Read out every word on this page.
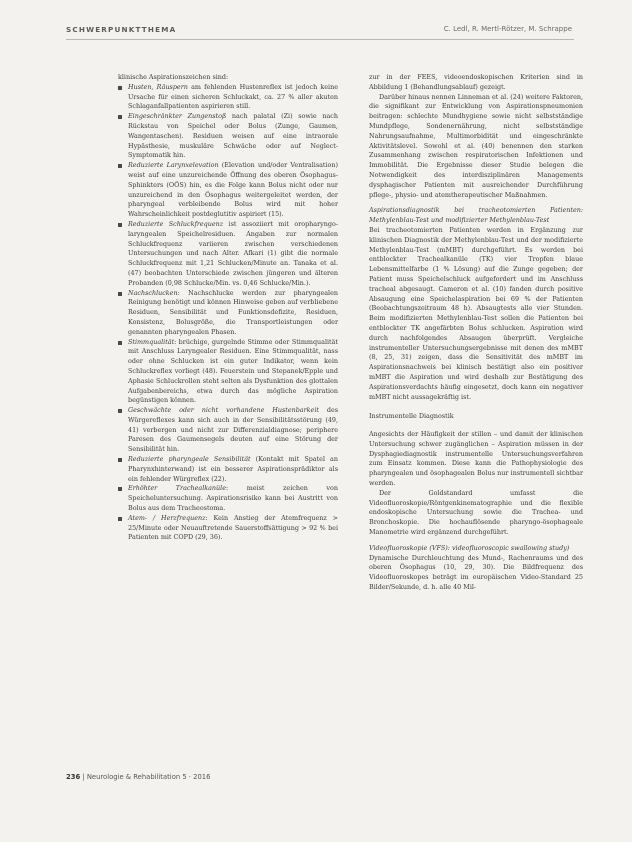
SCHWERPUNKTTHEMA	C. Ledl, R. Mertl-Rötzer, M. Schrappe

klinische Aspirationszeichen sind:

Husten, Räuspern am fehlenden Hustenreflex ist jedoch keine Ursache für einen sicheren Schluckakt, ca. 27 % aller akuten Schlaganfallpatienten aspirieren still.
Eingeschränkter Zungenstoß nach palatal (Zi) sowie nach Rückstau von Speichel oder Bolus (Zunge, Gaumen, Wangentaschen). Residuen weisen auf eine intraorale Hypästhesie, muskuläre Schwäche oder auf Neglect-Symptomatik hin.
Reduzierte Larynxelevation (Elevation und/oder Ventralisation) weist auf eine unzureichende Öffnung des oberen Ösophagus-Sphinkters (OÖS) hin, es die Folge kann Bolus nicht oder nur unzureichend in den Ösophagus weitergeleitet werden, der pharyngeal verbleibende Bolus wird mit hoher Wahrscheinlichkeit postdeglutitiv aspiriert (15).
Reduzierte Schluckfrequenz ist assoziiert mit oropharyngo-laryngealen Speichelresiduen. Angaben zur normalen Schluckfrequenz variieren zwischen verschiedenen Untersuchungen und nach Alter. Afkari (1) gibt die normale Schluckfrequenz mit 1,21 Schlucken/Minute an. Tanaka et al. (47) beobachten Unterschiede zwischen jüngeren und älteren Probanden (0,98 Schlucke/Min. vs. 0,46 Schlucke/Min.).
Nachschlucken: Nachschlucke werden zur pharyngealen Reinigung benötigt und können Hinweise geben auf verbliebene Residuen, Sensibilität und Funktionsdefizite, Residuen, Konsistenz, Bolusgröße, die Transportleistungen oder genannten pharyngealen Phasen.
Stimmqualität: brüchige, gurgelnde Stimme oder Stimmqualität mit Anschluss Laryngealer Residuen. Eine Stimmqualität, nass oder ohne Schlucken ist ein guter Indikator, wenn kein Schluckreflex vorliegt (48). Feuerstein und Stepanek/Epple und Aphasie Schluckrollen steht selten als Dysfunktion des glottalen Aufgabenbereichs, etwa durch das mögliche Aspiration begünstigen können.
Geschwächte oder nicht vorhandene Hustenbarkeit des Würgereflexes kann sich auch in der Sensibilitätsstörung (49, 41) verbergen und nicht zur Differenzialdiagnose; periphere Paresen des Gaumensegels deuten auf eine Störung der Sensibilität hin.
Reduzierte pharyngeale Sensibilität (Kontakt mit Spatel an Pharynxhinterwand) ist ein besserer Aspirationsprädiktor als ein fehlender Würgreflex (22).
Erhöhter Trachealkanüle: meist zeichen von Speicheluntersuchung. Aspirationsrisiko kann bei Austritt von Bolus aus dem Tracheostoma.
Atem- / Herzfrequenz: Kein Anstieg der Atemfrequenz > 25/Minute oder Neuauftretende Sauerstoffsättigung > 92 % bei Patienten mit COPD (29, 36).

zur in der FEES, videoendoskopischen Kriterien sind in Abbildung 1 (Behandlungsablauf) gezeigt.

Darüber hinaus nennen Linneman et al. (24) weitere Faktoren, die signifikant zur Entwicklung von Aspirationspneumonien beitragen: schlechte Mundhygiene sowie nicht selbstständige Mundpflege, Sondenernährung, nicht selbstständige Nahrungsaufnahme, Multimorbidität und eingeschränkte Aktivitätslevel. Sowohl et al. (40) benennen den starken Zusammenhang zwischen respiratorischen Infektionen und Immobilität. Die Ergebnisse dieser Studie belegen die Notwendigkeit des interdisziplinären Managements dysphagischer Patienten mit ausreichender Durchführung pflege-, physio- und atemtherapeutischer Maßnahmen.

Aspirationsdiagnostik bei tracheotomierten Patienten: Methylenblau-Test und modifizierter Methylenblau-Test

Bei tracheotomierten Patienten werden in Ergänzung zur klinischen Diagnostik der Methylenblau-Test und der modifizierte Methylenblau-Test (mMBT) durchgeführt. Es werden bei entblockter Trachealkanüle (TK) vier Tropfen blaue Lebensmittelfarbe (1 % Lösung) auf die Zunge gegeben; der Patient muss Speichelschluck aufgefordert und im Anschluss tracheal abgesaugt. Cameron et al. (10) fanden durch positive Absaugung eine Speichelaspiration bei 69 % der Patienten (Beobachtungszeitraum 48 h). Absaugtests alle vier Stunden. Beim modifizierten Methylenblau-Test sollen die Patienten bei entblockter TK angefärbten Bolus schlucken. Aspiration wird durch nachfolgendes Absaugen überprüft. Vergleiche instrumenteller Untersuchungsergebnisse mit denen des mMBT (8, 25, 31) zeigen, dass die Sensitivität des mMBT im Aspirationsnachweis bei klinisch bestätigt also ein positiver mMBT die Aspiration und wird deshalb zur Bestätigung des Aspirationsverdachts häufig eingesetzt, doch kann ein negativer mMBT nicht aussagekräftig ist.

Instrumentelle Diagnostik

Angesichts der Häufigkeit der stillen – und damit der klinischen Untersuchung schwer zugänglichen – Aspiration müssen in der Dysphagiediagnostik instrumentelle Untersuchungsverfahren zum Einsatz kommen. Diese kann die Pathophysiologie des pharyngealen und ösophagealen Bolus nur instrumentell sichtbar werden.

Der Goldstandard umfasst die Videofluoroskopie/Röntgenkinematographie und die flexible endoskopische Untersuchung sowie die Trachea- und Bronchoskopie. Die hochauflösende pharyngo-ösophageale Manometrie wird ergänzend durchgeführt.

Videofluoroskopie (VFS): videofluoroscopic swallowing study)

Dynamische Durchleuchtung des Mund-, Rachenraums und des oberen Ösophagus (10, 29, 30). Die Bildfrequenz des Videofluoroskopes beträgt im europäischen Video-Standard 25 Bilder/Sekunde, d. h. alle 40 Mil-

236 | Neurologie & Rehabilitation 5 · 2016
